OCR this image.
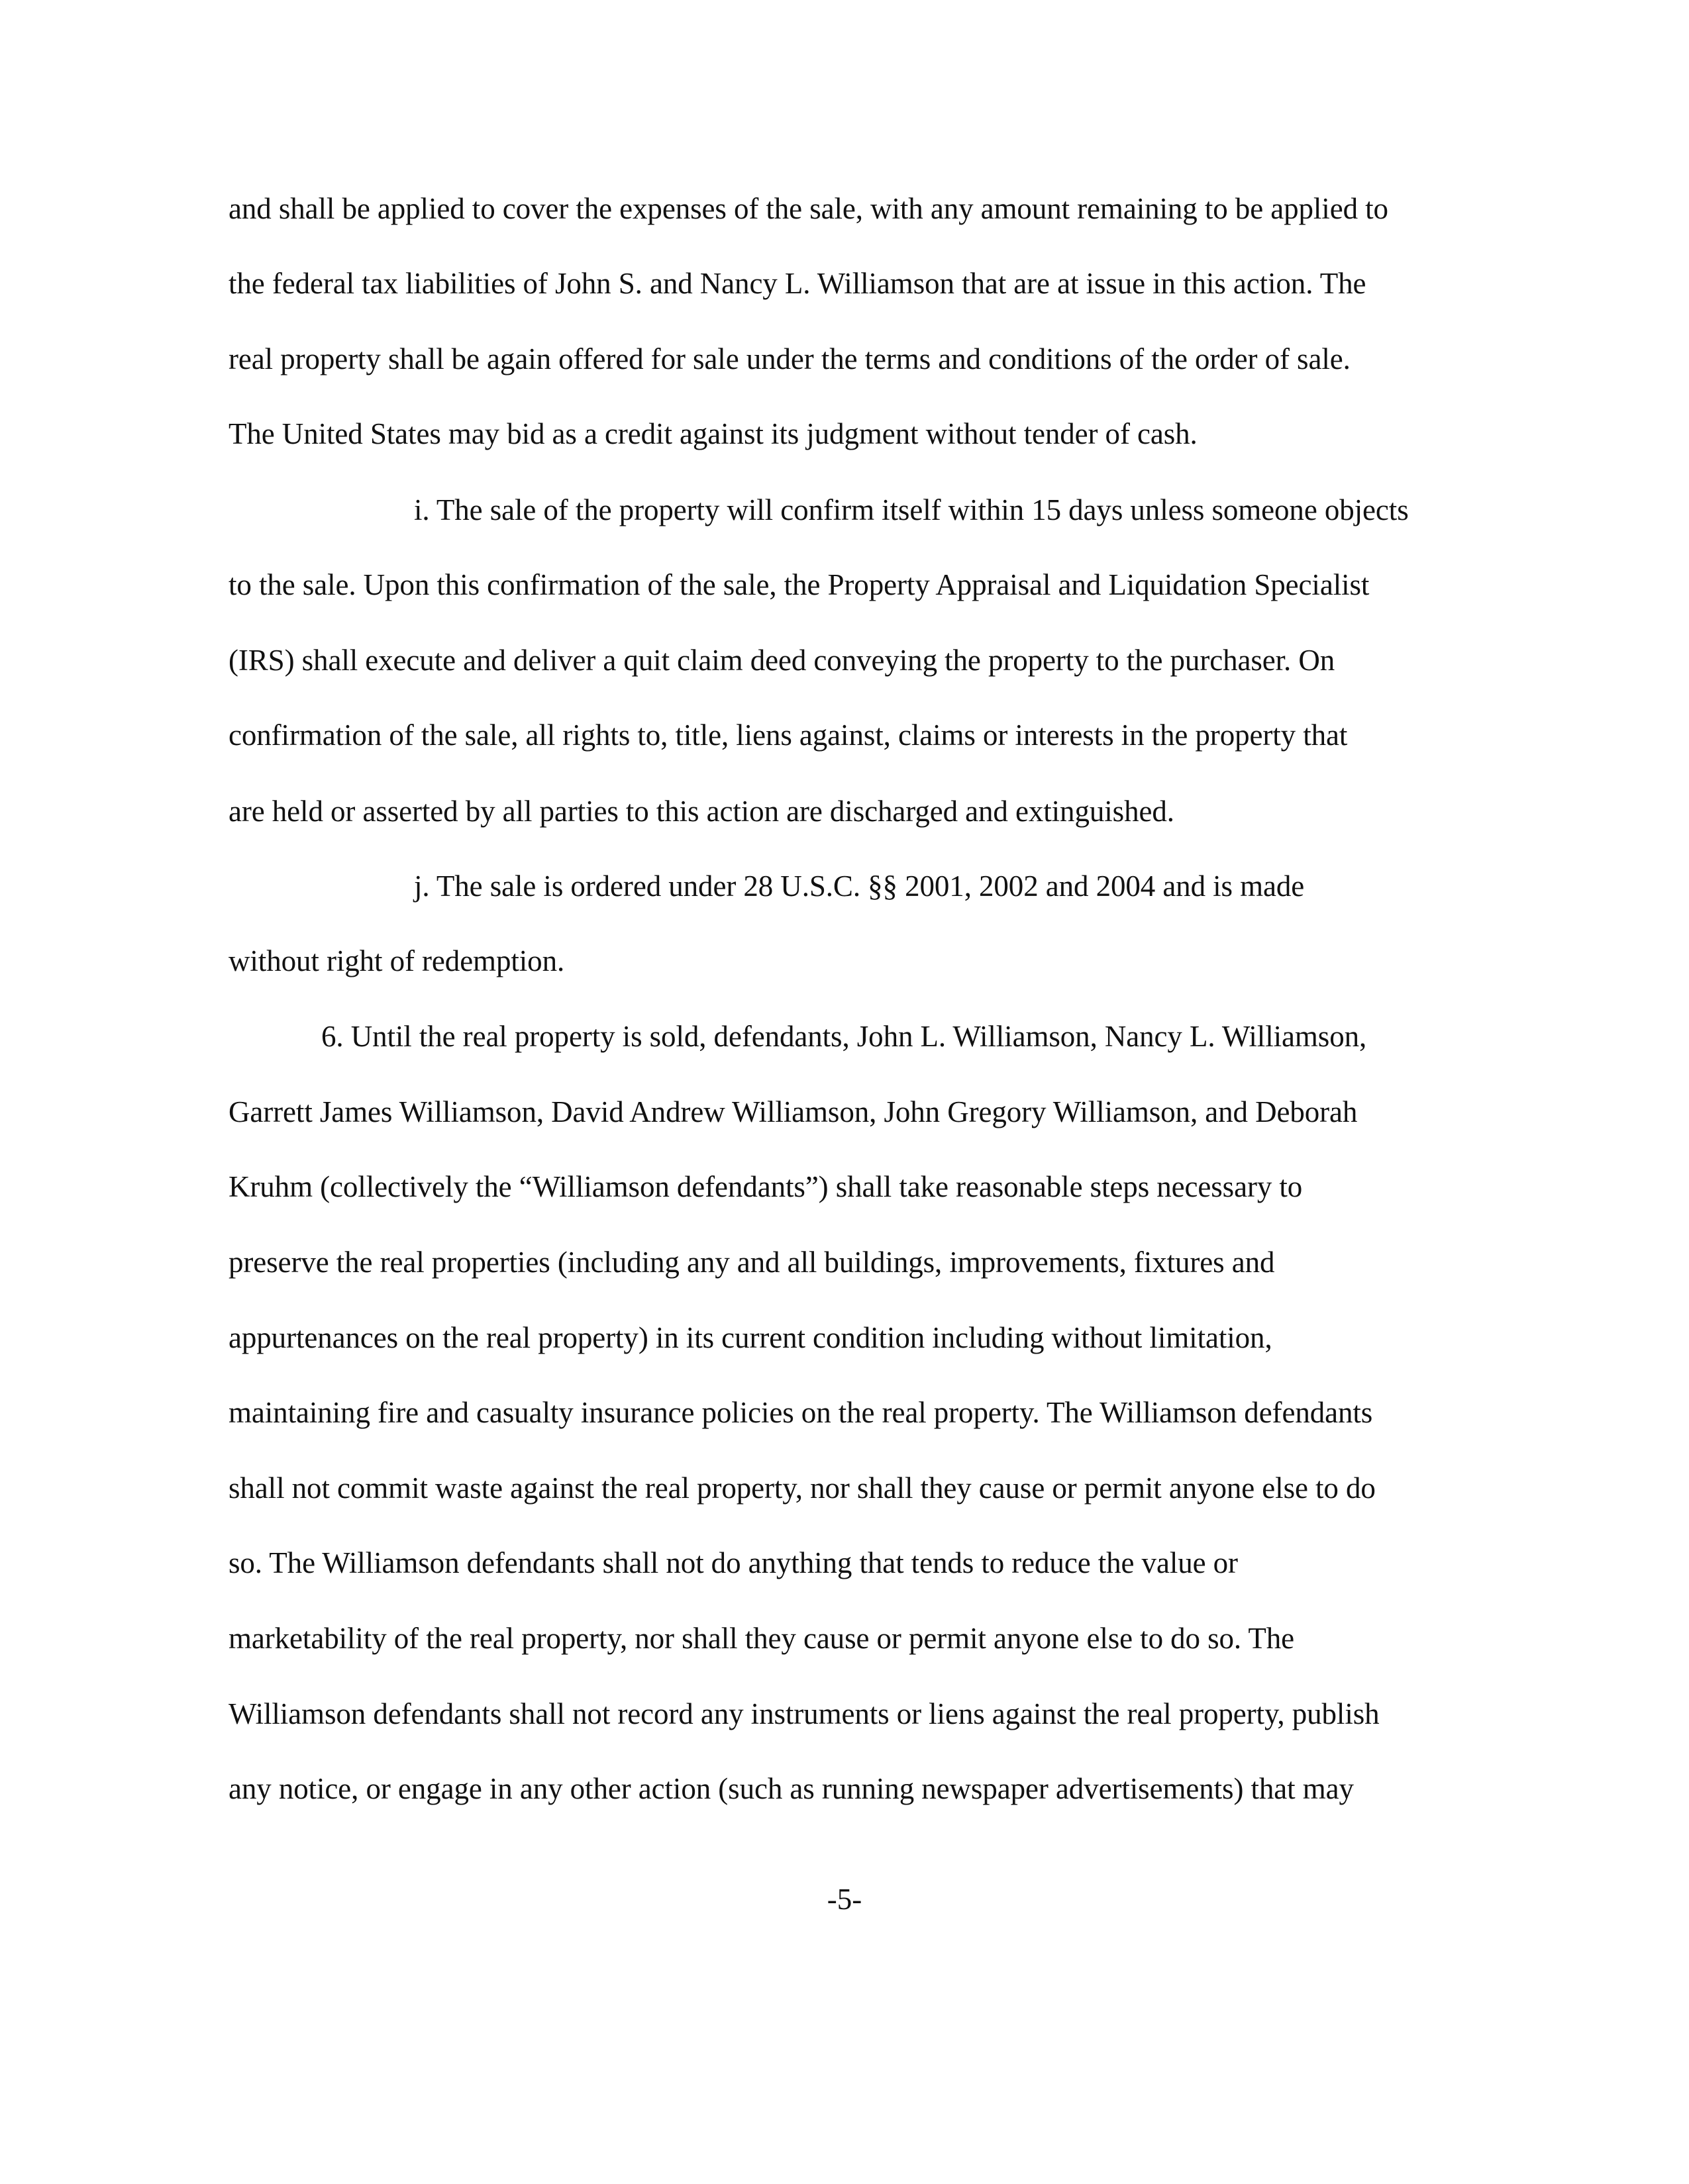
and shall be applied to cover the expenses of the sale, with any amount remaining to be applied to

the federal tax liabilities of John S. and Nancy L. Williamson that are at issue in this action. The

real property shall be again offered for sale under the terms and conditions of the order of sale.

The United States may bid as a credit against its judgment without tender of cash.

i. The sale of the property will confirm itself within 15 days unless someone objects

to the sale. Upon this confirmation of the sale, the Property Appraisal and Liquidation Specialist

(IRS) shall execute and deliver a quit claim deed conveying the property to the purchaser. On

confirmation of the sale, all rights to, title, liens against, claims or interests in the property that

are held or asserted by all parties to this action are discharged and extinguished.

j. The sale is ordered under 28 U.S.C. §§ 2001, 2002 and 2004 and is made

without right of redemption.

6. Until the real property is sold, defendants, John L. Williamson, Nancy L. Williamson,

Garrett James Williamson, David Andrew Williamson, John Gregory Williamson, and Deborah

Kruhm (collectively the “Williamson defendants”) shall take reasonable steps necessary to

preserve the real properties (including any and all buildings, improvements, fixtures and

appurtenances on the real property) in its current condition including without limitation,

maintaining fire and casualty insurance policies on the real property. The Williamson defendants

shall not commit waste against the real property, nor shall they cause or permit anyone else to do

so. The Williamson defendants shall not do anything that tends to reduce the value or

marketability of the real property, nor shall they cause or permit anyone else to do so. The

Williamson defendants shall not record any instruments or liens against the real property, publish

any notice, or engage in any other action (such as running newspaper advertisements) that may

-5-
